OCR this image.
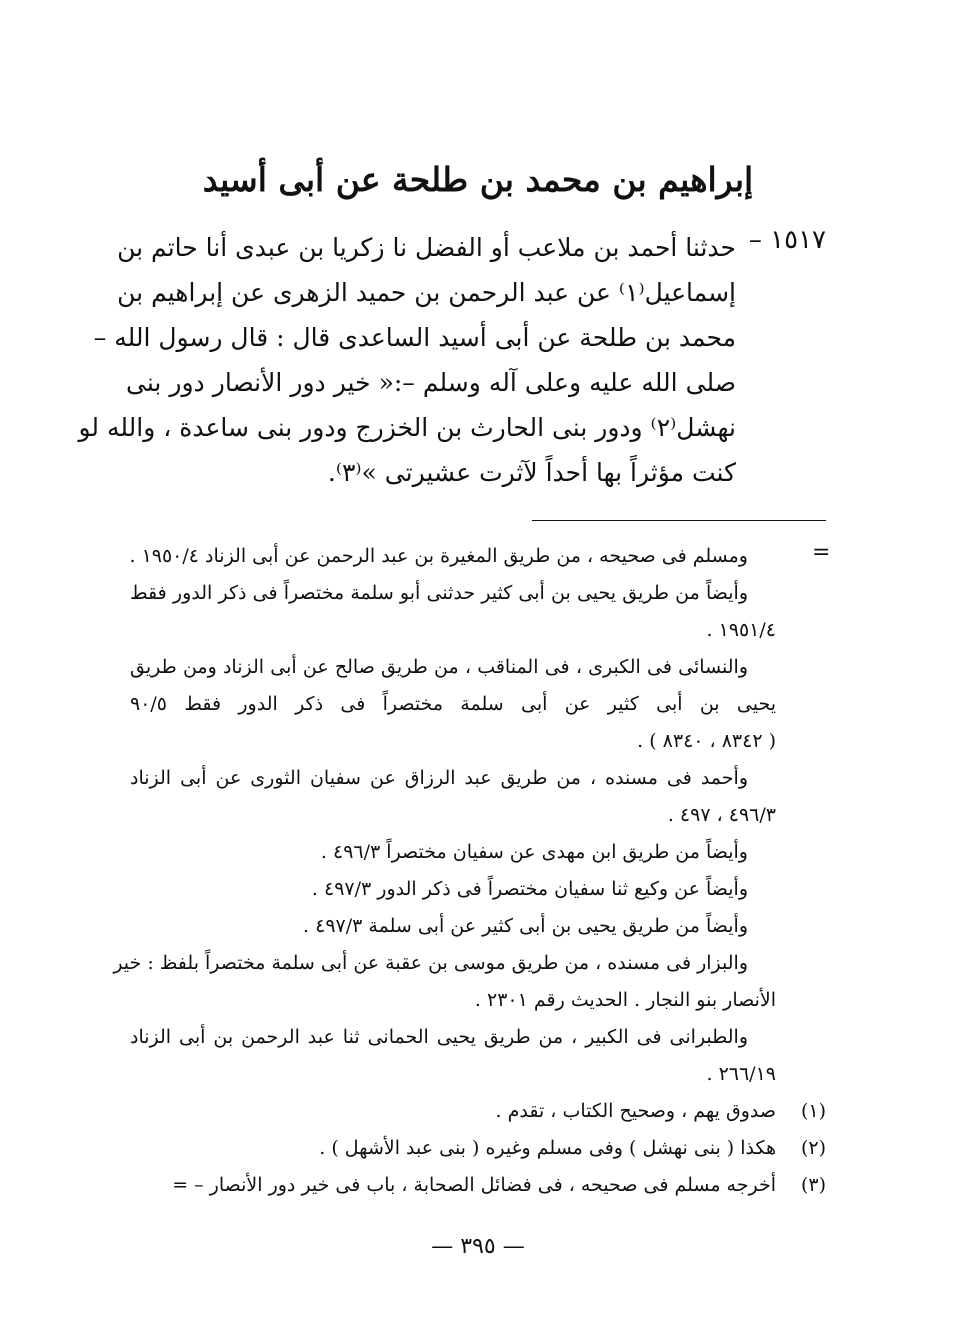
إبراهيم بن محمد بن طلحة عن أبى أسيد
١٥١٧ –
حدثنا أحمد بن ملاعب أو الفضل نا زكريا بن عبدى أنا حاتم بن
إسماعيل⁽١⁾ عن عبد الرحمن بن حميد الزهرى عن إبراهيم بن
محمد بن طلحة عن أبى أسيد الساعدى قال : قال رسول الله –
صلى الله عليه وعلى آله وسلم –:« خير دور الأنصار دور بنى
نهشل⁽٢⁾ ودور بنى الحارث بن الخزرج ودور بنى ساعدة ، والله لو
كنت مؤثراً بها أحداً لآثرت عشيرتى »⁽٣⁾.
=
ومسلم فى صحيحه ، من طريق المغيرة بن عبد الرحمن عن أبى الزناد ١٩٥٠/٤ .
وأيضاً من طريق يحيى بن أبى كثير حدثنى أبو سلمة مختصراً فى ذكر الدور فقط
١٩٥١/٤ .
والنسائى فى الكبرى ، فى المناقب ، من طريق صالح عن أبى الزناد ومن طريق
يحيى بن أبى كثير عن أبى سلمة مختصراً فى ذكر الدور فقط ٩٠/٥
( ٨٣٤٢ ، ٨٣٤٠ ) .
وأحمد فى مسنده ، من طريق عبد الرزاق عن سفيان الثورى عن أبى الزناد
٤٩٦/٣ ، ٤٩٧ .
وأيضاً من طريق ابن مهدى عن سفيان مختصراً ٤٩٦/٣ .
وأيضاً عن وكيع ثنا سفيان مختصراً فى ذكر الدور ٤٩٧/٣ .
وأيضاً من طريق يحيى بن أبى كثير عن أبى سلمة ٤٩٧/٣ .
والبزار فى مسنده ، من طريق موسى بن عقبة عن أبى سلمة مختصراً بلفظ : خير
الأنصار بنو النجار . الحديث رقم ٢٣٠١ .
والطبرانى فى الكبير ، من طريق يحيى الحمانى ثنا عبد الرحمن بن أبى الزناد
٢٦٦/١٩ .
(١)
صدوق يهم ، وصحيح الكتاب ، تقدم .
(٢)
هكذا ( بنى نهشل ) وفى مسلم وغيره ( بنى عبد الأشهل ) .
(٣)
أخرجه مسلم فى صحيحه ، فى فضائل الصحابة ، باب فى خير دور الأنصار – =
— ٣٩٥ —
